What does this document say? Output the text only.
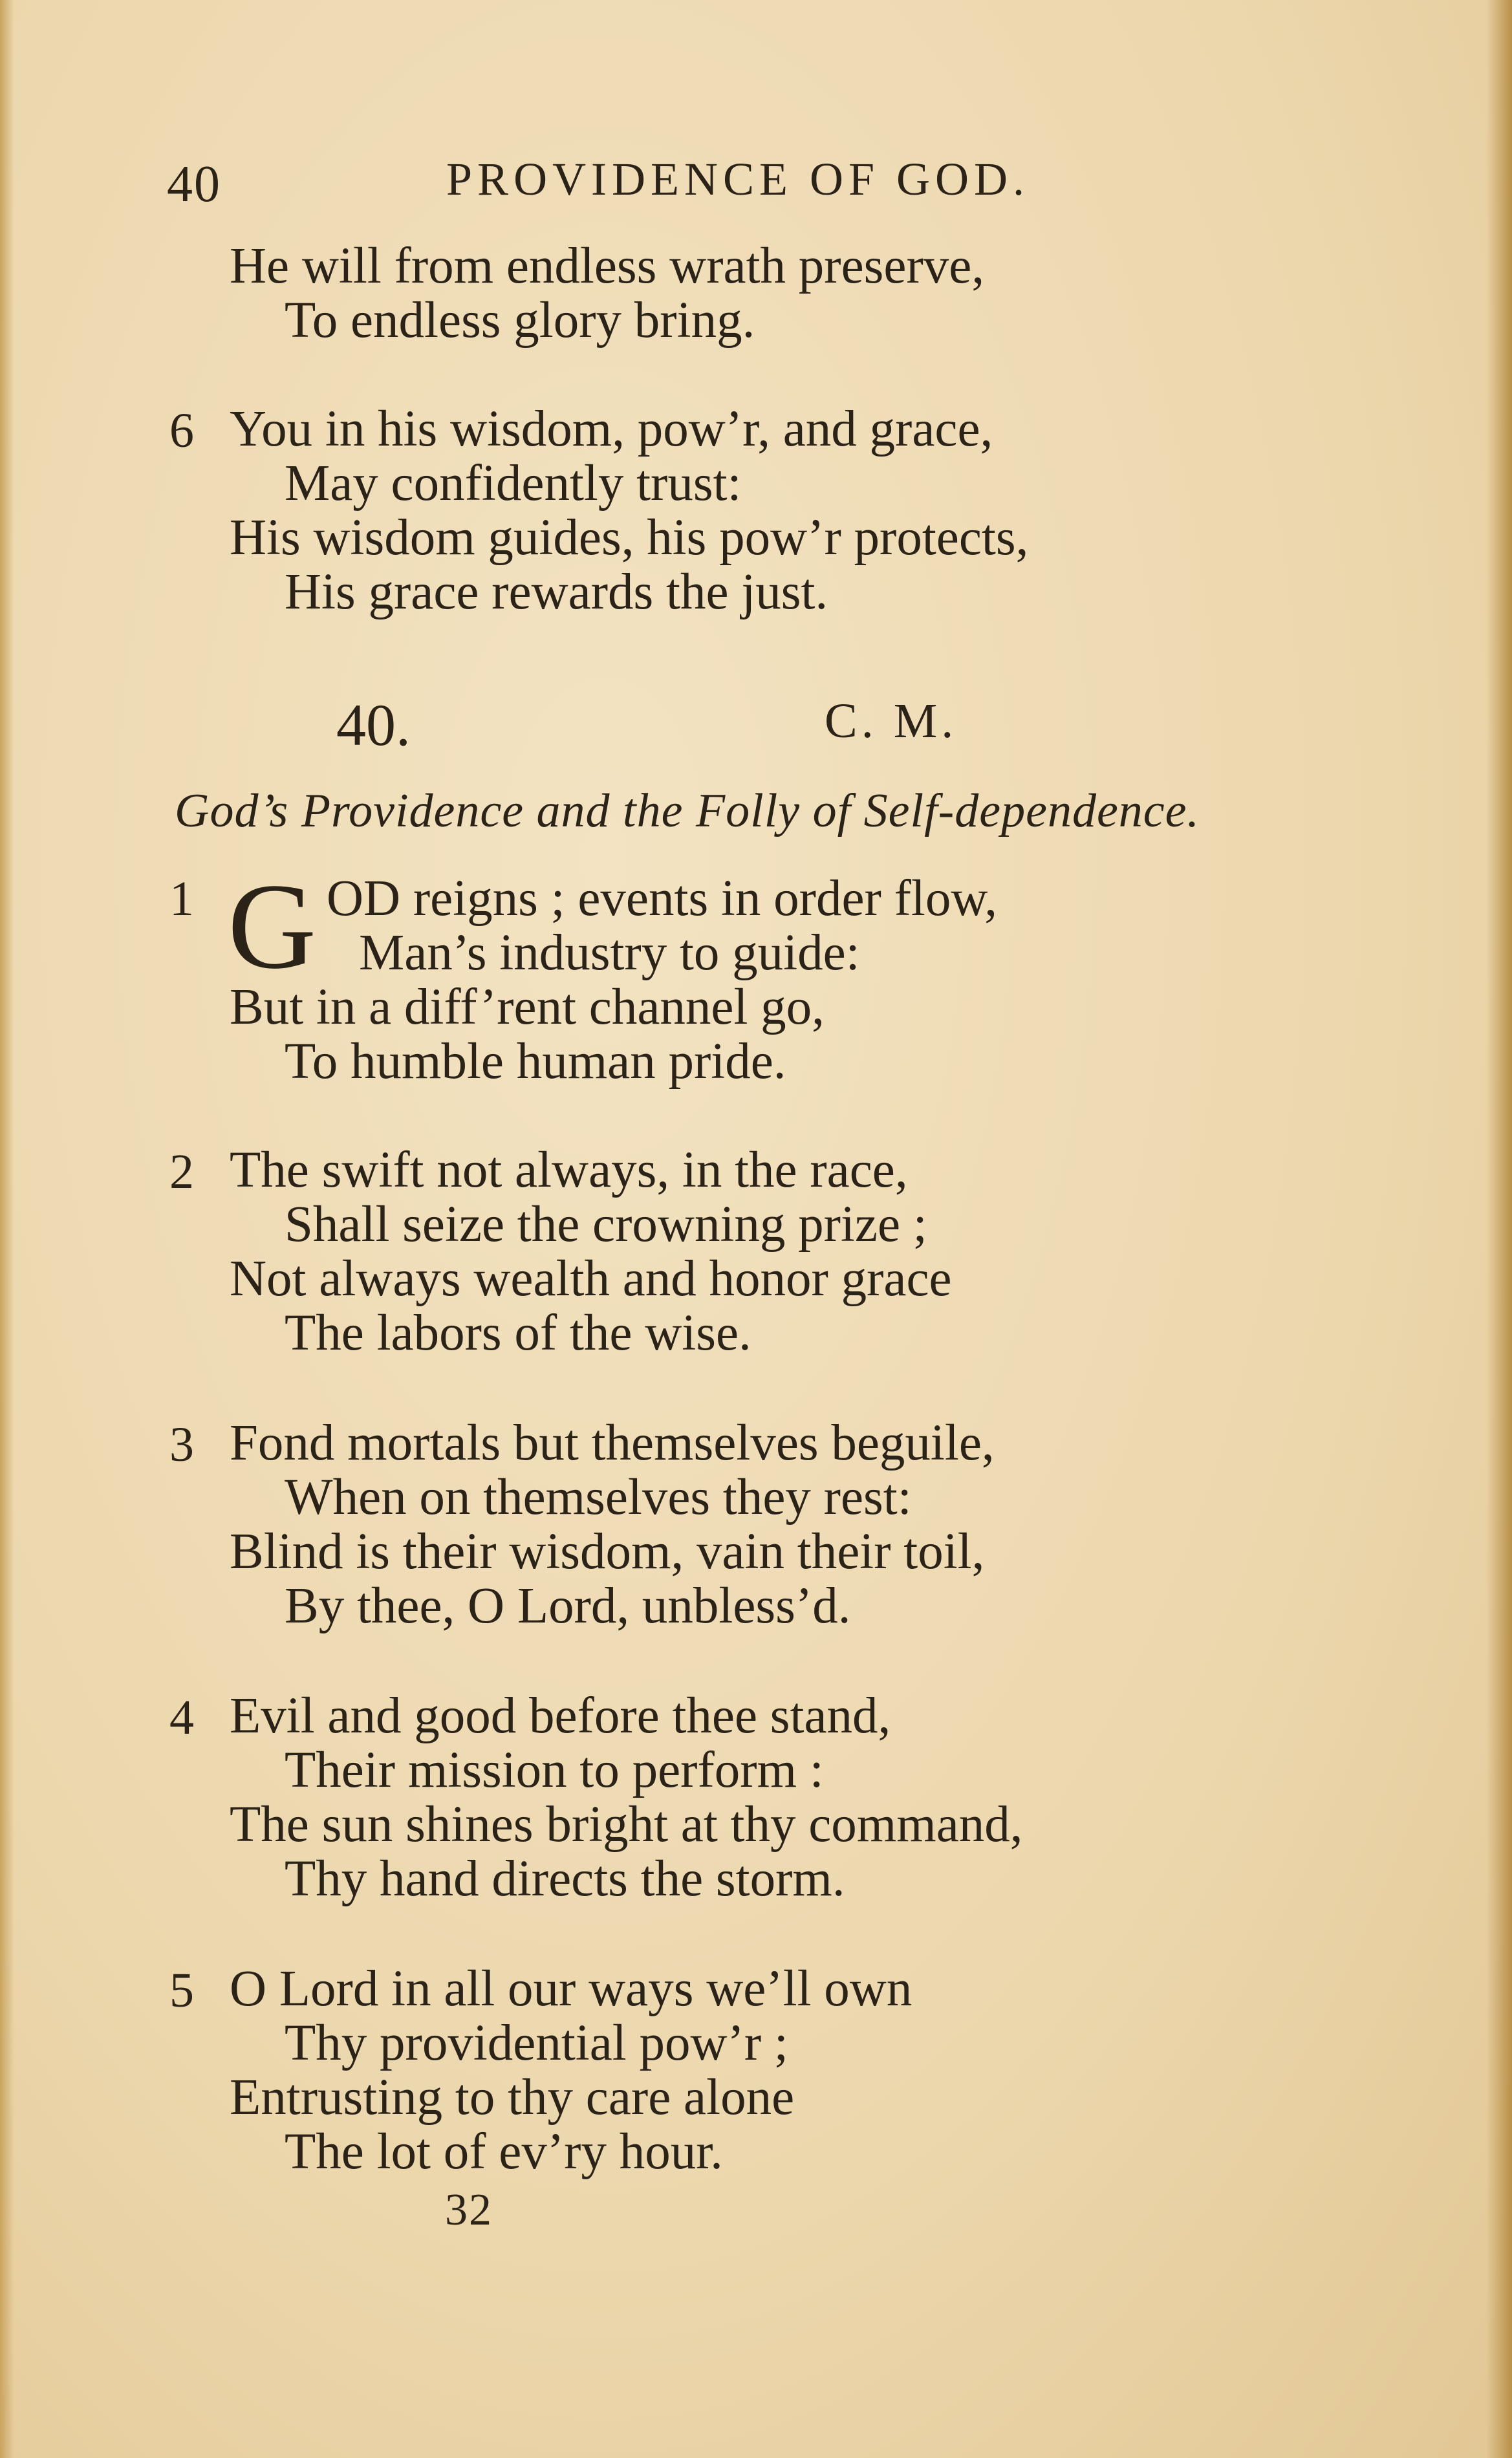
40	PROVIDENCE OF GOD.
He will from endless wrath preserve,
To endless glory bring.
6 You in his wisdom, pow’r, and grace,
May confidently trust:
His wisdom guides, his pow’r protects,
His grace rewards the just.
40.	C. M.
God’s Providence and the Folly of Self-dependence.
1 G OD reigns ; events in order flow,
Man’s industry to guide:
But in a diff’rent channel go,
To humble human pride.
2 The swift not always, in the race,
Shall seize the crowning prize ;
Not always wealth and honor grace
The labors of the wise.
3 Fond mortals but themselves beguile,
When on themselves they rest:
Blind is their wisdom, vain their toil,
By thee, O Lord, unbless’d.
4 Evil and good before thee stand,
Their mission to perform :
The sun shines bright at thy command,
Thy hand directs the storm.
5 O Lord in all our ways we’ll own
Thy providential pow’r ;
Entrusting to thy care alone
The lot of ev’ry hour.
32
